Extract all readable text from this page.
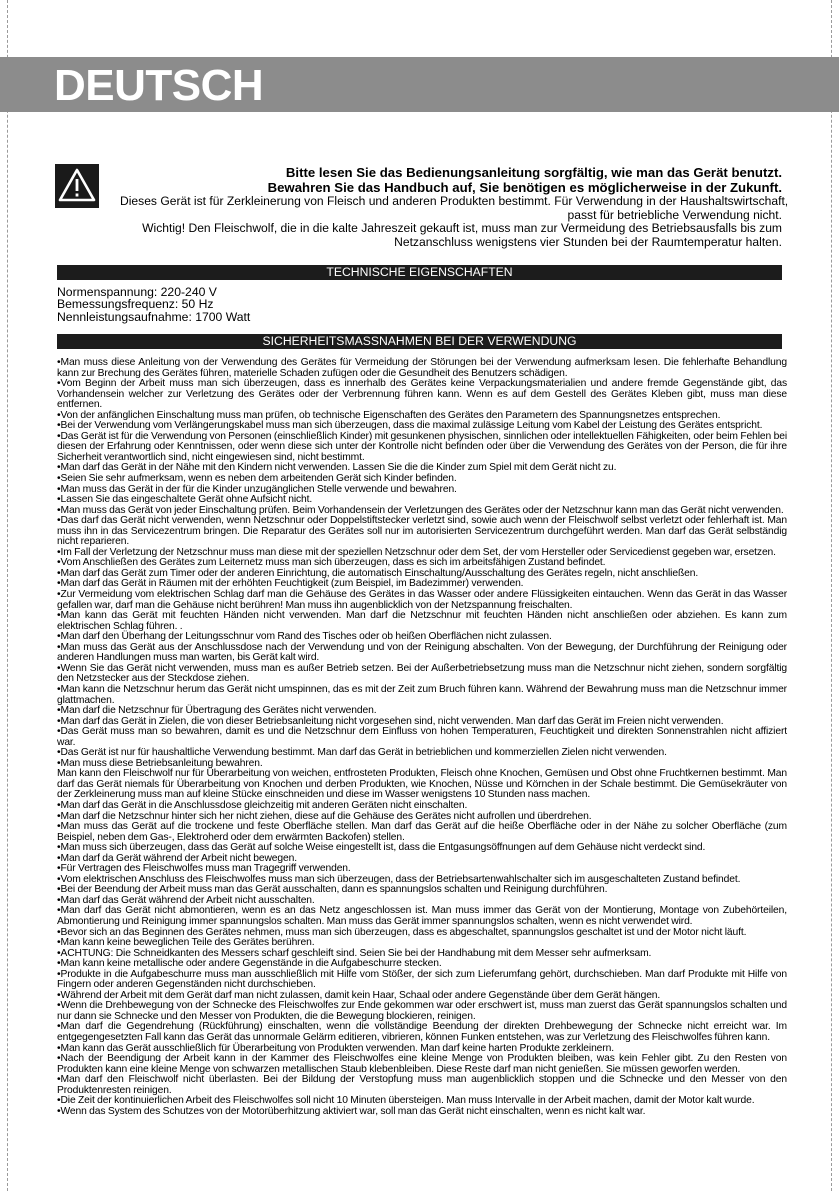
DEUTSCH
Bitte lesen Sie das Bedienungsanleitung sorgfältig, wie man das Gerät benutzt.
Bewahren Sie das Handbuch auf, Sie benötigen es möglicherweise in der Zukunft.
Dieses Gerät ist für Zerkleinerung von Fleisch und anderen Produkten bestimmt. Für Verwendung in der Haushaltswirtschaft,
passt für betriebliche Verwendung nicht.
Wichtig! Den Fleischwolf, die in die kalte Jahreszeit gekauft ist, muss man zur Vermeidung des Betriebsausfalls bis zum
Netzanschluss wenigstens vier Stunden bei der Raumtemperatur halten.
TECHNISCHE EIGENSCHAFTEN
Normenspannung: 220-240 V
Bemessungsfrequenz: 50 Hz
Nennleistungsaufnahme: 1700 Watt
SICHERHEITSMASSNAHMEN BEI DER VERWENDUNG
•Man muss diese Anleitung von der Verwendung des Gerätes für Vermeidung der Störungen bei der Verwendung aufmerksam lesen. Die fehlerhafte Behandlung kann zur Brechung des Gerätes führen, materielle Schaden zufügen oder die Gesundheit des Benutzers schädigen.
•Vom Beginn der Arbeit muss man sich überzeugen, dass es innerhalb des Gerätes keine Verpackungsmaterialien und andere fremde Gegenstände gibt, das Vorhandensein welcher zur Verletzung des Gerätes oder der Verbrennung führen kann. Wenn es auf dem Gestell des Gerätes Kleben gibt, muss man diese entfernen.
•Von der anfänglichen Einschaltung muss man prüfen, ob technische Eigenschaften des Gerätes den Parametern des Spannungsnetzes entsprechen.
•Bei der Verwendung vom Verlängerungskabel muss man sich überzeugen, dass die maximal zulässige Leitung vom Kabel der Leistung des Gerätes entspricht.
•Das Gerät ist für die Verwendung von Personen (einschließlich Kinder) mit gesunkenen physischen, sinnlichen oder intellektuellen Fähigkeiten, oder beim Fehlen bei diesen der Erfahrung oder Kenntnissen, oder wenn diese sich unter der Kontrolle nicht befinden oder über die Verwendung des Gerätes von der Person, die für ihre Sicherheit verantwortlich sind, nicht eingewiesen sind, nicht bestimmt.
•Man darf das Gerät in der Nähe mit den Kindern nicht verwenden. Lassen Sie die die Kinder zum Spiel mit dem Gerät nicht zu.
•Seien Sie sehr aufmerksam, wenn es neben dem arbeitenden Gerät sich Kinder befinden.
•Man muss das Gerät in der für die Kinder unzugänglichen Stelle verwende und bewahren.
•Lassen Sie das eingeschaltete Gerät ohne Aufsicht nicht.
•Man muss das Gerät von jeder Einschaltung prüfen. Beim Vorhandensein der Verletzungen des Gerätes oder der Netzschnur kann man das Gerät nicht verwenden.
•Das darf das Gerät nicht verwenden, wenn Netzschnur oder Doppelstiftstecker verletzt sind, sowie auch wenn der Fleischwolf selbst verletzt oder fehlerhaft ist. Man muss ihn in das Servicezentrum bringen. Die Reparatur des Gerätes soll nur im autorisierten Servicezentrum durchgeführt werden. Man darf das Gerät selbständig nicht reparieren.
•Im Fall der Verletzung der Netzschnur muss man diese mit der speziellen Netzschnur oder dem Set, der vom Hersteller oder Servicedienst gegeben war, ersetzen.
•Vom Anschließen des Gerätes zum Leiternetz muss man sich überzeugen, dass es sich im arbeitsfähigen Zustand befindet.
•Man darf das Gerät zum Timer oder der anderen Einrichtung, die automatisch Einschaltung/Ausschaltung des Gerätes regeln, nicht anschließen.
•Man darf das Gerät in Räumen mit der erhöhten Feuchtigkeit (zum Beispiel, im Badezimmer) verwenden.
•Zur Vermeidung vom elektrischen Schlag darf man die Gehäuse des Gerätes in das Wasser oder andere Flüssigkeiten eintauchen. Wenn das Gerät in das Wasser gefallen war, darf man die Gehäuse nicht berühren! Man muss ihn augenblicklich von der Netzspannung freischalten.
•Man kann das Gerät mit feuchten Händen nicht verwenden. Man darf die Netzschnur mit feuchten Händen nicht anschließen oder abziehen. Es kann zum elektrischen Schlag führen. .
•Man darf den Überhang der Leitungsschnur vom Rand des Tisches oder ob heißen Oberflächen nicht zulassen.
•Man muss das Gerät aus der Anschlussdose nach der Verwendung und von der Reinigung abschalten. Von der Bewegung, der Durchführung der Reinigung oder anderen Handlungen muss man warten, bis Gerät kalt wird.
•Wenn Sie das Gerät nicht verwenden, muss man es außer Betrieb setzen. Bei der Außerbetriebsetzung muss man die Netzschnur nicht ziehen, sondern sorgfältig den Netzstecker aus der Steckdose ziehen.
•Man kann die Netzschnur herum das Gerät nicht umspinnen, das es mit der Zeit zum Bruch führen kann. Während der Bewahrung muss man die Netzschnur immer glattmachen.
•Man darf die Netzschnur für Übertragung des Gerätes nicht verwenden.
•Man darf das Gerät in Zielen, die von dieser Betriebsanleitung nicht vorgesehen sind, nicht verwenden. Man darf das Gerät im Freien nicht verwenden.
•Das Gerät muss man so bewahren, damit es und die Netzschnur dem Einfluss von hohen Temperaturen, Feuchtigkeit und direkten Sonnenstrahlen nicht affiziert war.
•Das Gerät ist nur für haushaltliche Verwendung bestimmt. Man darf das Gerät in betrieblichen und kommerziellen Zielen nicht verwenden.
•Man muss diese Betriebsanleitung bewahren.
Man kann den Fleischwolf nur für Überarbeitung von weichen, entfrosteten Produkten, Fleisch ohne Knochen, Gemüsen und Obst ohne Fruchtkernen bestimmt. Man darf das Gerät niemals für Überarbeitung von Knochen und derben Produkten, wie Knochen, Nüsse und Körnchen in der Schale bestimmt. Die Gemüsekräuter von der Zerkleinerung muss man auf kleine Stücke einschneiden und diese im Wasser wenigstens 10 Stunden nass machen.
•Man darf das Gerät in die Anschlussdose gleichzeitig mit anderen Geräten nicht einschalten.
•Man darf die Netzschnur hinter sich her nicht ziehen, diese auf die Gehäuse des Gerätes nicht aufrollen und überdrehen.
•Man muss das Gerät auf die trockene und feste Oberfläche stellen. Man darf das Gerät auf die heiße Oberfläche oder in der Nähe zu solcher Oberfläche (zum Beispiel, neben dem Gas-, Elektroherd oder dem erwärmten Backofen) stellen.
•Man muss sich überzeugen, dass das Gerät auf solche Weise eingestellt ist, dass die Entgasungsöffnungen auf dem Gehäuse nicht verdeckt sind.
•Man darf da Gerät während der Arbeit nicht bewegen.
•Für Vertragen des Fleischwolfes muss man Tragegriff verwenden.
•Vom elektrischen Anschluss des Fleischwolfes muss man sich überzeugen, dass der Betriebsartenwahlschalter sich im ausgeschalteten Zustand befindet.
•Bei der Beendung der Arbeit muss man das Gerät ausschalten, dann es spannungslos schalten und Reinigung durchführen.
•Man darf das Gerät während der Arbeit nicht ausschalten.
•Man darf das Gerät nicht abmontieren, wenn es an das Netz angeschlossen ist. Man muss immer das Gerät von der Montierung, Montage von Zubehörteilen, Abmontierung und Reinigung immer spannungslos schalten. Man muss das Gerät immer spannungslos schalten, wenn es nicht verwendet wird.
•Bevor sich an das Beginnen des Gerätes nehmen, muss man sich überzeugen, dass es abgeschaltet, spannungslos geschaltet ist und der Motor nicht läuft.
•Man kann keine beweglichen Teile des Gerätes berühren.
•ACHTUNG: Die Schneidkanten des Messers scharf geschleift sind. Seien Sie bei der Handhabung mit dem Messer sehr aufmerksam.
•Man kann keine metallische oder andere Gegenstände in die Aufgabeschurre stecken.
•Produkte in die Aufgabeschurre muss man ausschließlich mit Hilfe vom Stößer, der sich zum Lieferumfang gehört, durchschieben. Man darf Produkte mit Hilfe von Fingern oder anderen Gegenständen nicht durchschieben.
•Während der Arbeit mit dem Gerät darf man nicht zulassen, damit kein Haar, Schaal oder andere Gegenstände über dem Gerät hängen.
•Wenn die Drehbewegung von der Schnecke des Fleischwolfes zur Ende gekommen war oder erschwert ist, muss man zuerst das Gerät spannungslos schalten und nur dann sie Schnecke und den Messer von Produkten, die die Bewegung blockieren, reinigen.
•Man darf die Gegendrehung (Rückführung) einschalten, wenn die vollständige Beendung der direkten Drehbewegung der Schnecke nicht erreicht war. Im entgegengesetzten Fall kann das Gerät das unnormale Gelärm editieren, vibrieren, können Funken entstehen, was zur Verletzung des Fleischwolfes führen kann.
•Man kann das Gerät ausschließlich für Überarbeitung von Produkten verwenden. Man darf keine harten Produkte zerkleinern.
•Nach der Beendigung der Arbeit kann in der Kammer des Fleischwolfes eine kleine Menge von Produkten bleiben, was kein Fehler gibt. Zu den Resten von Produkten kann eine kleine Menge von schwarzen metallischen Staub klebenbleiben. Diese Reste darf man nicht genießen. Sie müssen geworfen werden.
•Man darf den Fleischwolf nicht überlasten. Bei der Bildung der Verstopfung muss man augenblicklich stoppen und die Schnecke und den Messer von den Produktenresten reinigen.
•Die Zeit der kontinuierlichen Arbeit des Fleischwolfes soll nicht 10 Minuten übersteigen. Man muss Intervalle in der Arbeit machen, damit der Motor kalt wurde.
•Wenn das System des Schutzes von der Motorüberhitzung aktiviert war, soll man das Gerät nicht einschalten, wenn es nicht kalt war.
